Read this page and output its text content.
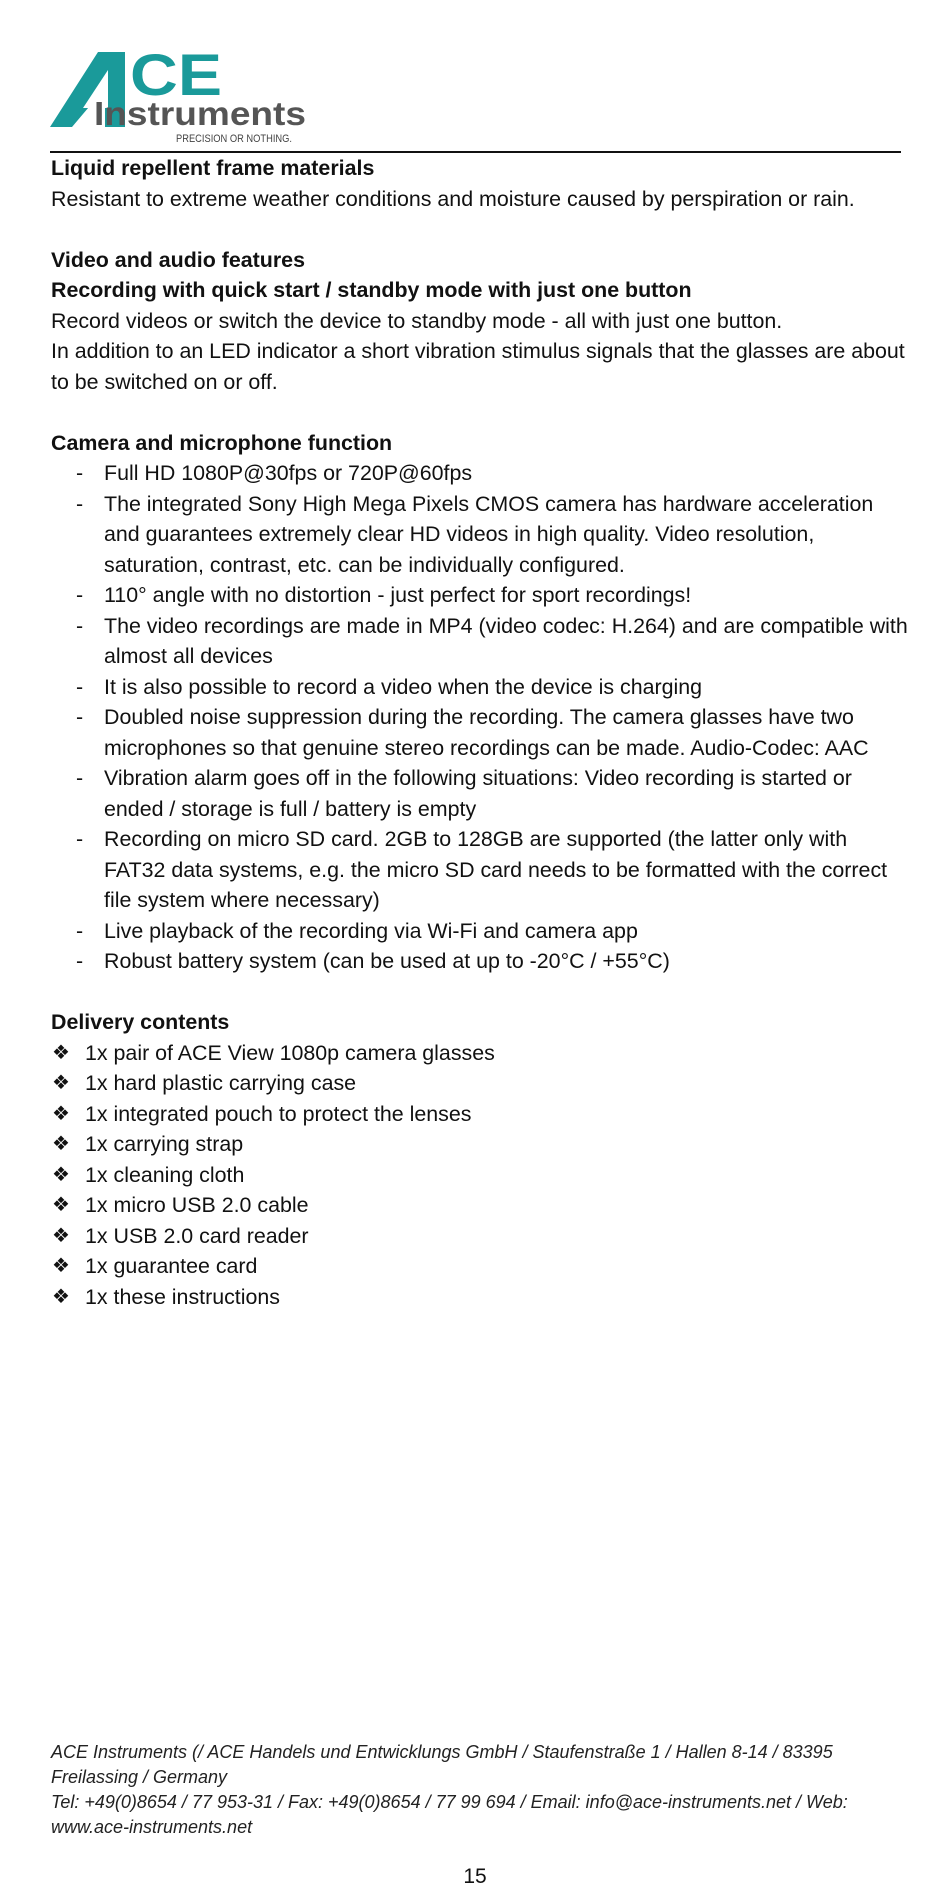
CE
Instruments
PRECISION OR NOTHING.
Liquid repellent frame materials
Resistant to extreme weather conditions and moisture caused by perspiration or rain.
Video and audio features
Recording with quick start / standby mode with just one button
Record videos or switch the device to standby mode - all with just one button.
In addition to an LED indicator a short vibration stimulus signals that the glasses are about to be switched on or off.
Camera and microphone function
- Full HD 1080P@30fps or 720P@60fps
- The integrated Sony High Mega Pixels CMOS camera has hardware acceleration and guarantees extremely clear HD videos in high quality. Video resolution, saturation, contrast, etc. can be individually configured.
- 110° angle with no distortion - just perfect for sport recordings!
- The video recordings are made in MP4 (video codec: H.264) and are compatible with almost all devices
- It is also possible to record a video when the device is charging
- Doubled noise suppression during the recording. The camera glasses have two microphones so that genuine stereo recordings can be made. Audio-Codec: AAC
- Vibration alarm goes off in the following situations: Video recording is started or ended / storage is full / battery is empty
- Recording on micro SD card. 2GB to 128GB are supported (the latter only with FAT32 data systems, e.g. the micro SD card needs to be formatted with the correct file system where necessary)
- Live playback of the recording via Wi-Fi and camera app
- Robust battery system (can be used at up to -20°C / +55°C)
Delivery contents
❖ 1x pair of ACE View 1080p camera glasses
❖ 1x hard plastic carrying case
❖ 1x integrated pouch to protect the lenses
❖ 1x carrying strap
❖ 1x cleaning cloth
❖ 1x micro USB 2.0 cable
❖ 1x USB 2.0 card reader
❖ 1x guarantee card
❖ 1x these instructions
ACE Instruments (/ ACE Handels und Entwicklungs GmbH / Staufenstraße 1 / Hallen 8-14 / 83395 Freilassing / Germany
Tel: +49(0)8654 / 77 953-31 / Fax: +49(0)8654 / 77 99 694 / Email: info@ace-instruments.net / Web: www.ace-instruments.net
15
